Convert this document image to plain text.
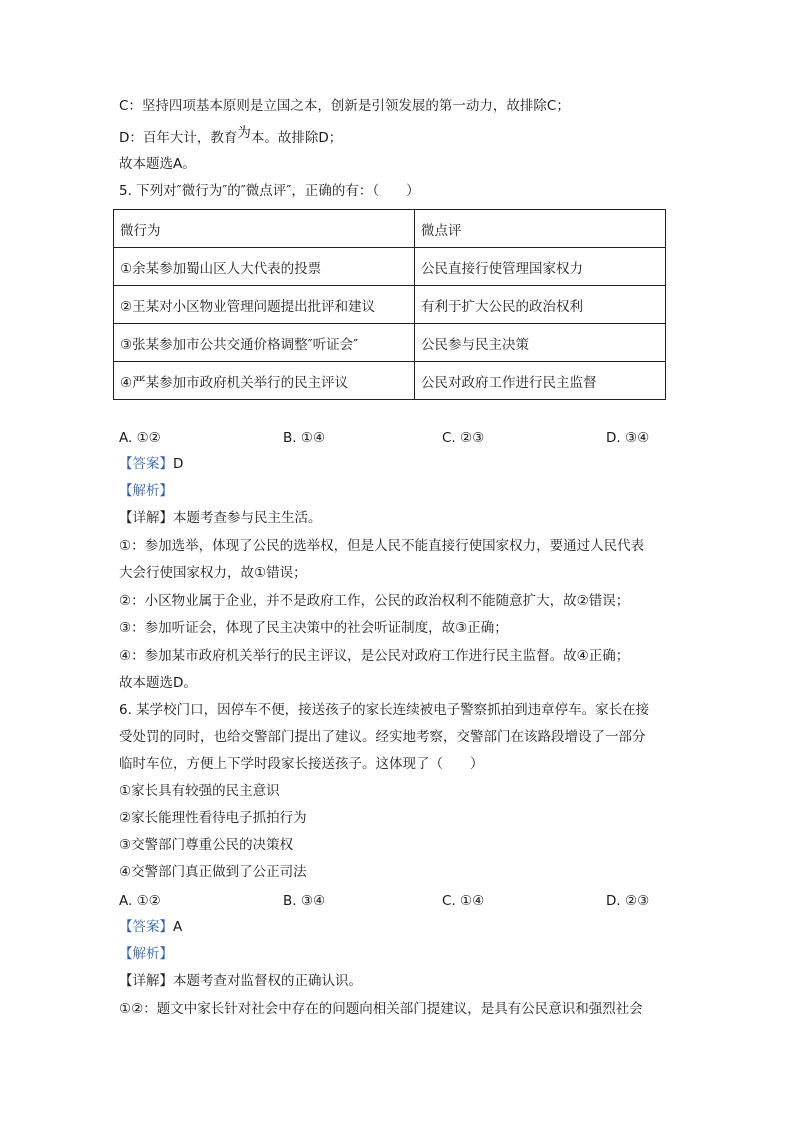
C：坚持四项基本原则是立国之本，创新是引领发展的第一动力，故排除C；
D：百年大计，教育为本。故排除D；
故本题选A。
5. 下列对″微行为″的″微点评″，正确的有：（　　）
微行为	微点评
①余某参加蜀山区人大代表的投票	公民直接行使管理国家权力
②王某对小区物业管理问题提出批评和建议	有利于扩大公民的政治权利
③张某参加市公共交通价格调整″听证会″	公民参与民主决策
④严某参加市政府机关举行的民主评议	公民对政府工作进行民主监督
A. ①②	B. ①④	C. ②③	D. ③④
【答案】D
【解析】
【详解】本题考查参与民主生活。
①：参加选举，体现了公民的选举权，但是人民不能直接行使国家权力，要通过人民代表
大会行使国家权力，故①错误；
②：小区物业属于企业，并不是政府工作，公民的政治权利不能随意扩大，故②错误；
③：参加听证会，体现了民主决策中的社会听证制度，故③正确；
④：参加某市政府机关举行的民主评议，是公民对政府工作进行民主监督。故④正确；
故本题选D。
6. 某学校门口，因停车不便，接送孩子的家长连续被电子警察抓拍到违章停车。家长在接
受处罚的同时，也给交警部门提出了建议。经实地考察，交警部门在该路段增设了一部分
临时车位，方便上下学时段家长接送孩子。这体现了（　　）
①家长具有较强的民主意识
②家长能理性看待电子抓拍行为
③交警部门尊重公民的决策权
④交警部门真正做到了公正司法
A. ①②	B. ③④	C. ①④	D. ②③
【答案】A
【解析】
【详解】本题考查对监督权的正确认识。
①②：题文中家长针对社会中存在的问题向相关部门提建议，是具有公民意识和强烈社会
